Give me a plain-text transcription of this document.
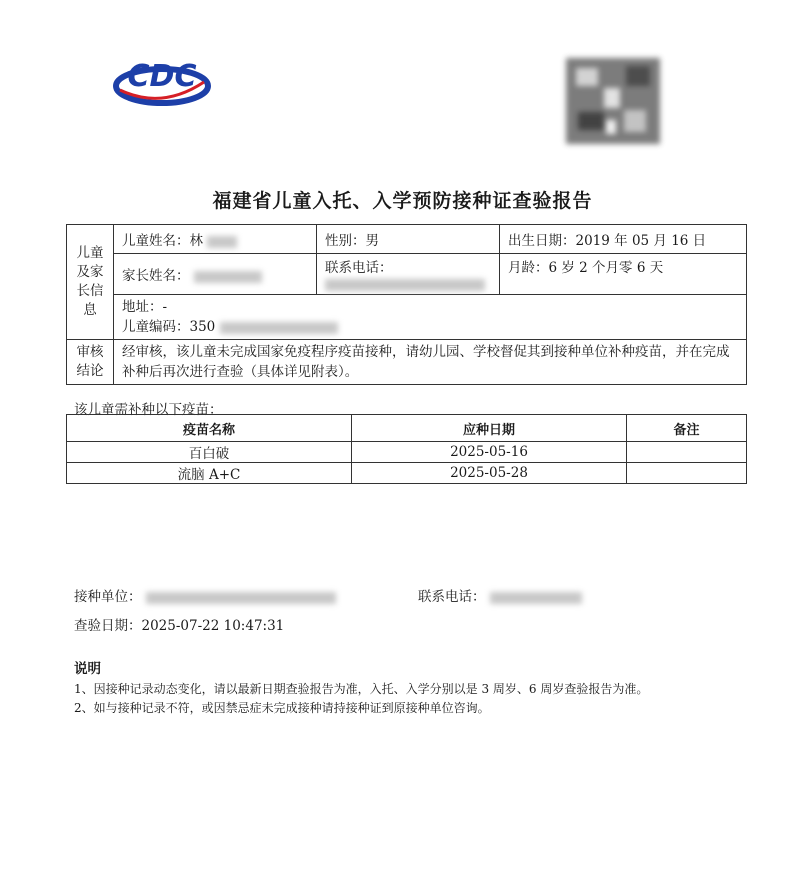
CDC
福建省儿童入托、入学预防接种证查验报告
儿童及家长信息	儿童姓名：林	性别：男	出生日期：2019 年 05 月 16 日
	家长姓名：	联系电话：	月龄：6 岁 2 个月零 6 天

	地址：-
儿童编码：350		

审核结论	经审核，该儿童未完成国家免疫程序疫苗接种，请幼儿园、学校督促其到接种单位补种疫苗，并在完成补种后再次进行查验（具体详见附表）。		
该儿童需补种以下疫苗：
疫苗名称	应种日期	备注
百白破	2025-05-16	
流脑 A+C	2025-05-28	
接种单位：	联系电话：
查验日期：2025-07-22 10:47:31
说明
1、因接种记录动态变化，请以最新日期查验报告为准，入托、入学分别以是 3 周岁、6 周岁查验报告为准。
2、如与接种记录不符，或因禁忌症未完成接种请持接种证到原接种单位咨询。
